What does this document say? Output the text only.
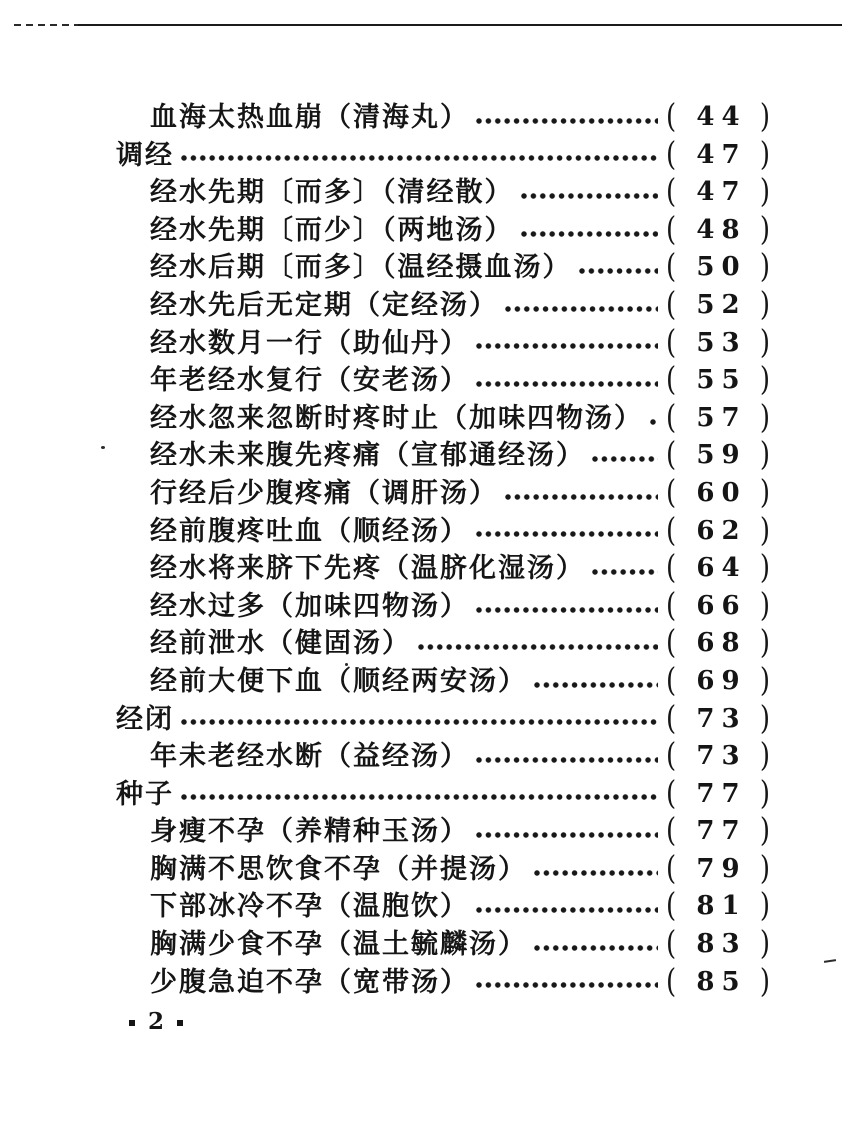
血海太热血崩（清海丸）	( 44 )
调经	( 47 )
经水先期〔而多〕（清经散）	( 47 )
经水先期〔而少〕（两地汤）	( 48 )
经水后期〔而多〕（温经摄血汤）	( 50 )
经水先后无定期（定经汤）	( 52 )
经水数月一行（助仙丹）	( 53 )
年老经水复行（安老汤）	( 55 )
经水忽来忽断时疼时止（加味四物汤） ( 57 )
经水未来腹先疼痛（宣郁通经汤）	( 59 )
行经后少腹疼痛（调肝汤）	( 60 )
经前腹疼吐血（顺经汤）	( 62 )
经水将来脐下先疼（温脐化湿汤）	( 64 )
经水过多（加味四物汤）	( 66 )
经前泄水（健固汤）	( 68 )
经前大便下血（顺经两安汤）	( 69 )
经闭	( 73 )
年未老经水断（益经汤）	( 73 )
种子	( 77 )
身瘦不孕（养精种玉汤）	( 77 )
胸满不思饮食不孕（并提汤）	( 79 )
下部冰冷不孕（温胞饮）	( 81 )
胸满少食不孕（温土毓麟汤）	( 83 )
少腹急迫不孕（宽带汤）	( 85 )
2
